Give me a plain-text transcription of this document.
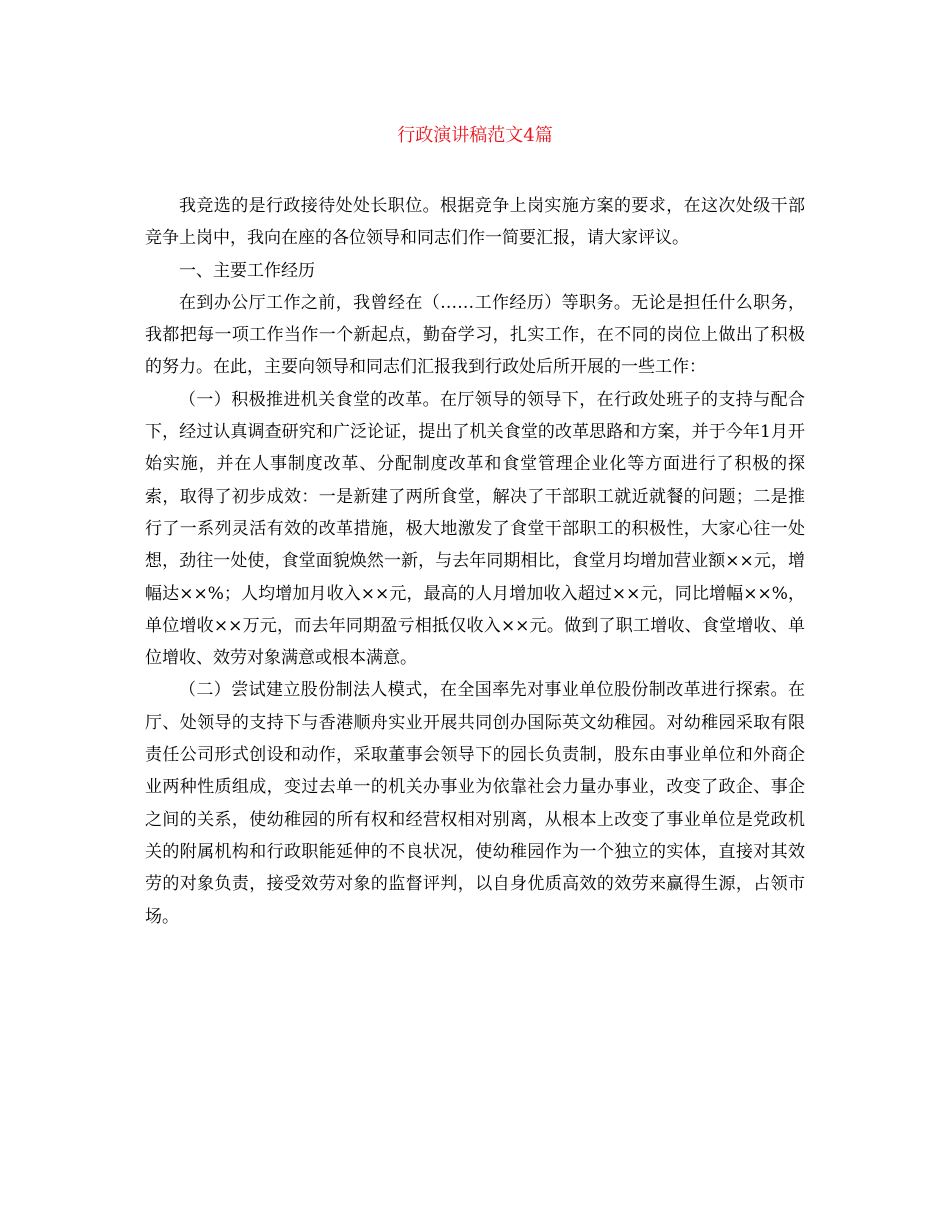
行政演讲稿范文4篇

我竞选的是行政接待处处长职位。根据竞争上岗实施方案的要求，在这次处级干部竞争上岗中，我向在座的各位领导和同志们作一简要汇报，请大家评议。

一、主要工作经历

在到办公厅工作之前，我曾经在（……工作经历）等职务。无论是担任什么职务，我都把每一项工作当作一个新起点，勤奋学习，扎实工作，在不同的岗位上做出了积极的努力。在此，主要向领导和同志们汇报我到行政处后所开展的一些工作：

（一）积极推进机关食堂的改革。在厅领导的领导下，在行政处班子的支持与配合下，经过认真调查研究和广泛论证，提出了机关食堂的改革思路和方案，并于今年1月开始实施，并在人事制度改革、分配制度改革和食堂管理企业化等方面进行了积极的探索，取得了初步成效：一是新建了两所食堂，解决了干部职工就近就餐的问题；二是推行了一系列灵活有效的改革措施，极大地激发了食堂干部职工的积极性，大家心往一处想，劲往一处使，食堂面貌焕然一新，与去年同期相比，食堂月均增加营业额××元，增幅达××%；人均增加月收入××元，最高的人月增加收入超过××元，同比增幅××%，单位增收××万元，而去年同期盈亏相抵仅收入××元。做到了职工增收、食堂增收、单位增收、效劳对象满意或根本满意。

（二）尝试建立股份制法人模式，在全国率先对事业单位股份制改革进行探索。在厅、处领导的支持下与香港顺舟实业开展共同创办国际英文幼稚园。对幼稚园采取有限责任公司形式创设和动作，采取董事会领导下的园长负责制，股东由事业单位和外商企业两种性质组成，变过去单一的机关办事业为依靠社会力量办事业，改变了政企、事企之间的关系，使幼稚园的所有权和经营权相对别离，从根本上改变了事业单位是党政机关的附属机构和行政职能延伸的不良状况，使幼稚园作为一个独立的实体，直接对其效劳的对象负责，接受效劳对象的监督评判，以自身优质高效的效劳来赢得生源，占领市场。
